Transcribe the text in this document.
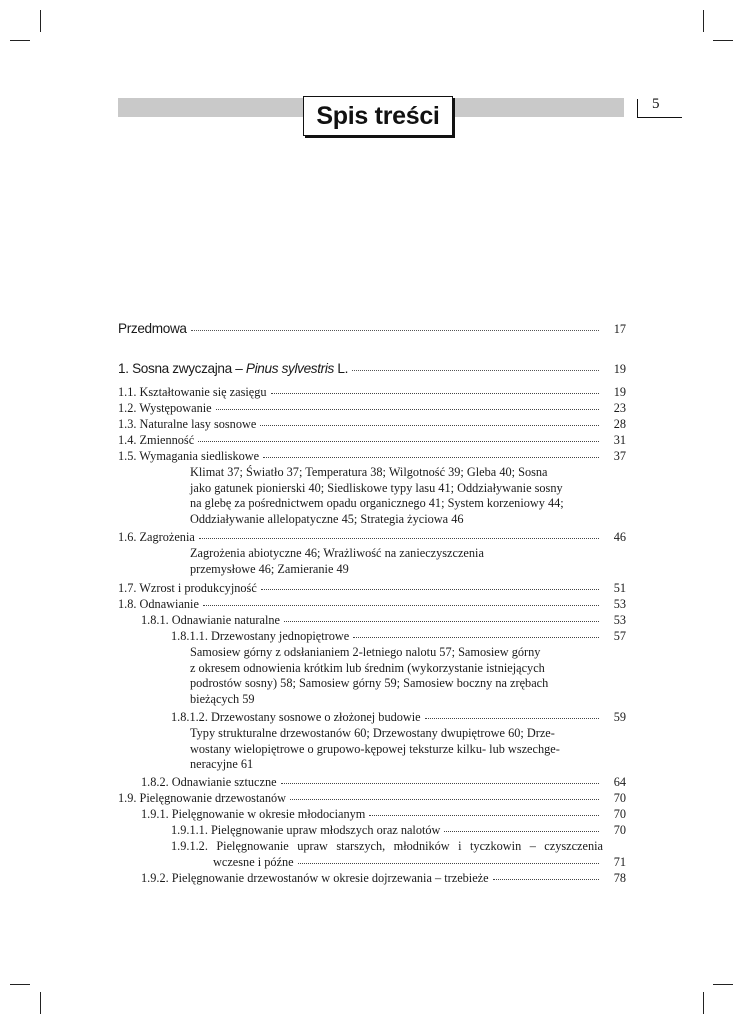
Spis treści	5
Przedmowa	17
1. Sosna zwyczajna – Pinus sylvestris L.	19
1.1. Kształtowanie się zasięgu	19
1.2. Występowanie	23
1.3. Naturalne lasy sosnowe	28
1.4. Zmienność	31
1.5. Wymagania siedliskowe	37
Klimat 37; Światło 37; Temperatura 38; Wilgotność 39; Gleba 40; Sosna
jako gatunek pionierski 40; Siedliskowe typy lasu 41; Oddziaływanie sosny
na glebę za pośrednictwem opadu organicznego 41; System korzeniowy 44;
Oddziaływanie allelopatyczne 45; Strategia życiowa 46
1.6. Zagrożenia	46
Zagrożenia abiotyczne 46; Wrażliwość na zanieczyszczenia
przemysłowe 46; Zamieranie 49
1.7. Wzrost i produkcyjność	51
1.8. Odnawianie	53
1.8.1. Odnawianie naturalne	53
1.8.1.1. Drzewostany jednopiętrowe	57
Samosiew górny z odsłanianiem 2-letniego nalotu 57; Samosiew górny
z okresem odnowienia krótkim lub średnim (wykorzystanie istniejących
podrostów sosny) 58; Samosiew górny 59; Samosiew boczny na zrębach
bieżących 59
1.8.1.2. Drzewostany sosnowe o złożonej budowie	59
Typy strukturalne drzewostanów 60; Drzewostany dwupiętrowe 60; Drze-
wostany wielopiętrowe o grupowo-kępowej teksturze kilku- lub wszechge-
neracyjne 61
1.8.2. Odnawianie sztuczne	64
1.9. Pielęgnowanie drzewostanów	70
1.9.1. Pielęgnowanie w okresie młodocianym	70
1.9.1.1. Pielęgnowanie upraw młodszych oraz nalotów	70
1.9.1.2. Pielęgnowanie upraw starszych, młodników i tyczkowin – czyszczenia
wczesne i późne	71
1.9.2. Pielęgnowanie drzewostanów w okresie dojrzewania – trzebieże	78
